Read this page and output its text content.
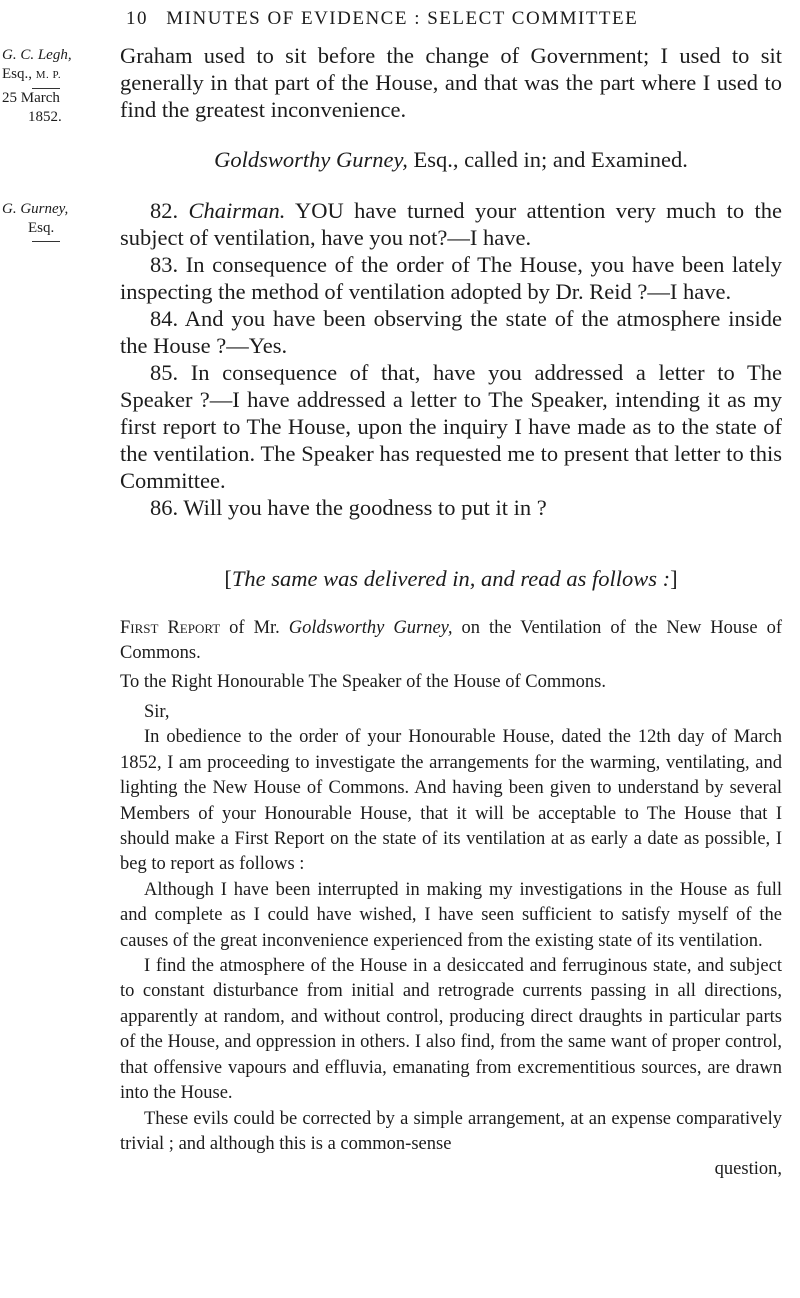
10 MINUTES OF EVIDENCE : SELECT COMMITTEE
G. C. Legh,
Esq., M. P.
25 March
1852.
G. Gurney,
Esq.

Graham used to sit before the change of Government; I used to sit generally in that part of the House, and that was the part where I used to find the greatest inconvenience.

Goldsworthy Gurney, Esq., called in; and Examined.

82. Chairman. YOU have turned your attention very much to the subject of ventilation, have you not?—I have.

83. In consequence of the order of The House, you have been lately inspecting the method of ventilation adopted by Dr. Reid ?—I have.

84. And you have been observing the state of the atmosphere inside the House ?—Yes.

85. In consequence of that, have you addressed a letter to The Speaker ?—I have addressed a letter to The Speaker, intending it as my first report to The House, upon the inquiry I have made as to the state of the ventilation. The Speaker has requested me to present that letter to this Committee.

86. Will you have the goodness to put it in ?

[The same was delivered in, and read as follows :]
First Report of Mr. Goldsworthy Gurney, on the Ventilation of the New House of Commons.
To the Right Honourable The Speaker of the House of Commons.

Sir,

In obedience to the order of your Honourable House, dated the 12th day of March 1852, I am proceeding to investigate the arrangements for the warming, ventilating, and lighting the New House of Commons. And having been given to understand by several Members of your Honourable House, that it will be acceptable to The House that I should make a First Report on the state of its ventilation at as early a date as possible, I beg to report as follows :

Although I have been interrupted in making my investigations in the House as full and complete as I could have wished, I have seen sufficient to satisfy myself of the causes of the great inconvenience experienced from the existing state of its ventilation.

I find the atmosphere of the House in a desiccated and ferruginous state, and subject to constant disturbance from initial and retrograde currents passing in all directions, apparently at random, and without control, producing direct draughts in particular parts of the House, and oppression in others. I also find, from the same want of proper control, that offensive vapours and effluvia, emanating from excrementitious sources, are drawn into the House.

These evils could be corrected by a simple arrangement, at an expense comparatively trivial ; and although this is a common-sense

question,
